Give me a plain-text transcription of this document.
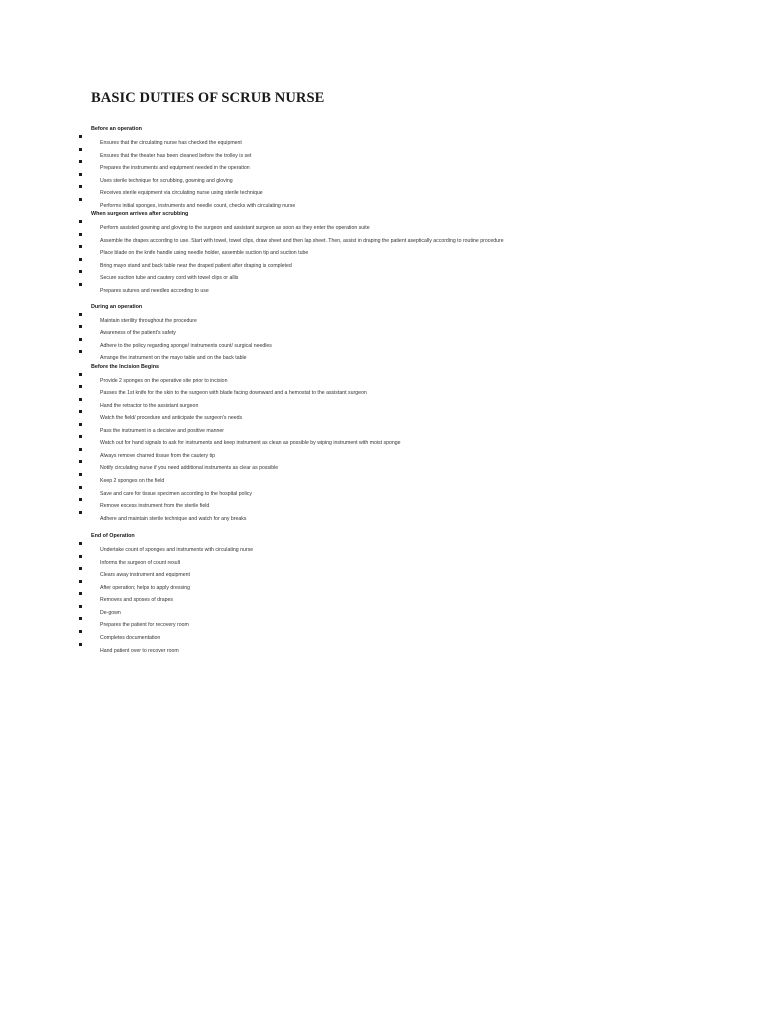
BASIC DUTIES OF SCRUB NURSE
Before an operation
Ensures that the circulating nurse has checked the equipment
Ensures that the theater has been cleaned before the trolley is set
Prepares the instruments and equipment needed in the operation
Uses sterile technique for scrubbing, gowning and gloving
Receives sterile equipment via circulating nurse using sterile technique
Performs initial sponges, instruments and needle count, checks with circulating nurse
When surgeon arrives after scrubbing
Perform assisted gowning and gloving to the surgeon and assistant surgeon as soon as they enter the operation suite
Assemble the drapes according to use. Start with towel, towel clips, draw sheet and then lap sheet. Then, assist in draping the patient aseptically according to routine procedure
Place blade on the knife handle using needle holder, assemble suction tip and suction tube
Bring mayo stand and back table near the draped patient after draping is completed
Secure suction tube and cautery cord with towel clips or allis
Prepares sutures and needles according to use
During an operation
Maintain sterility throughout the procedure
Awareness of the patient's safety
Adhere to the policy regarding sponge/ instruments count/ surgical needles
Arrange the instrument on the mayo table and on the back table
Before the Incision Begins
Provide 2 sponges on the operative site prior to incision
Passes the 1st knife for the skin to the surgeon with blade facing downward and a hemostat to the assistant surgeon
Hand the retractor to the assistant surgeon
Watch the field/ procedure and anticipate the surgeon's needs
Pass the instrument in a decisive and positive manner
Watch out for hand signals to ask for instruments and keep instrument as clean as possible by wiping instrument with moist sponge
Always remove charred tissue from the cautery tip
Notify circulating nurse if you need additional instruments as clear as possible
Keep 2 sponges on the field
Save and care for tissue specimen according to the hospital policy
Remove excess instrument from the sterile field
Adhere and maintain sterile technique and watch for any breaks
End of Operation
Undertake count of sponges and instruments with circulating nurse
Informs the surgeon of count result
Clears away instrument and equipment
After operation; helps to apply dressing
Removes and sposes of drapes
De-gown
Prepares the patient for recovery room
Completes documentation
Hand patient over to recover room
